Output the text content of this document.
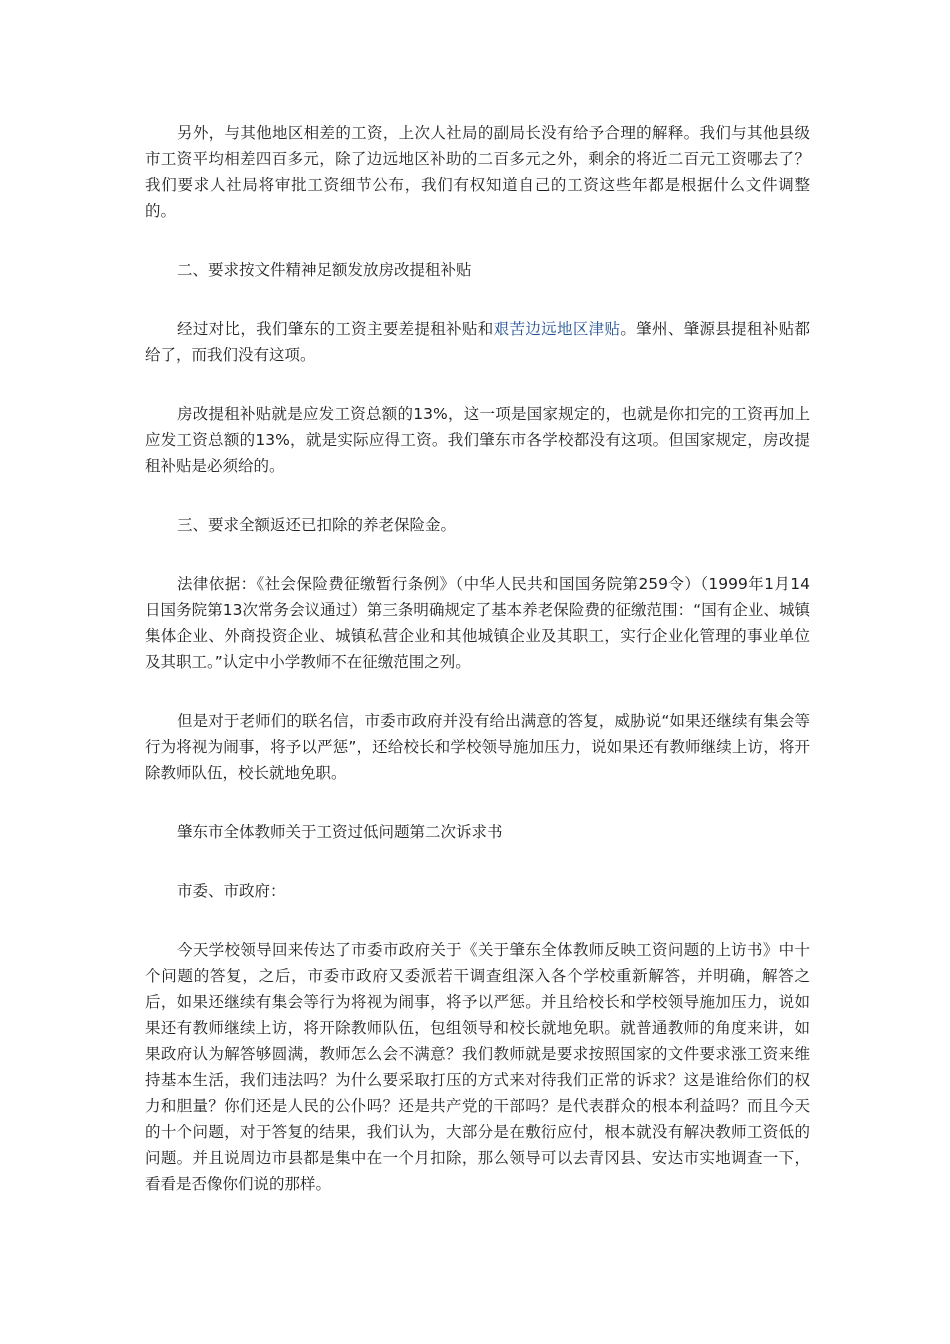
另外，与其他地区相差的工资，上次人社局的副局长没有给予合理的解释。我们与其他县级市工资平均相差四百多元，除了边远地区补助的二百多元之外，剩余的将近二百元工资哪去了？我们要求人社局将审批工资细节公布，我们有权知道自己的工资这些年都是根据什么文件调整的。

二、要求按文件精神足额发放房改提租补贴

经过对比，我们肇东的工资主要差提租补贴和艰苦边远地区津贴。肇州、肇源县提租补贴都给了，而我们没有这项。

房改提租补贴就是应发工资总额的13%，这一项是国家规定的，也就是你扣完的工资再加上应发工资总额的13%，就是实际应得工资。我们肇东市各学校都没有这项。但国家规定，房改提租补贴是必须给的。

三、要求全额返还已扣除的养老保险金。

法律依据：《社会保险费征缴暂行条例》（中华人民共和国国务院第259令）（1999年1月14日国务院第13次常务会议通过）第三条明确规定了基本养老保险费的征缴范围：“国有企业、城镇集体企业、外商投资企业、城镇私营企业和其他城镇企业及其职工，实行企业化管理的事业单位及其职工。”认定中小学教师不在征缴范围之列。

但是对于老师们的联名信，市委市政府并没有给出满意的答复，威胁说“如果还继续有集会等行为将视为闹事，将予以严惩”，还给校长和学校领导施加压力，说如果还有教师继续上访，将开除教师队伍，校长就地免职。

肇东市全体教师关于工资过低问题第二次诉求书

市委、市政府：

今天学校领导回来传达了市委市政府关于《关于肇东全体教师反映工资问题的上访书》中十个问题的答复，之后，市委市政府又委派若干调查组深入各个学校重新解答，并明确，解答之后，如果还继续有集会等行为将视为闹事，将予以严惩。并且给校长和学校领导施加压力，说如果还有教师继续上访，将开除教师队伍，包组领导和校长就地免职。就普通教师的角度来讲，如果政府认为解答够圆满，教师怎么会不满意？我们教师就是要求按照国家的文件要求涨工资来维持基本生活，我们违法吗？为什么要采取打压的方式来对待我们正常的诉求？这是谁给你们的权力和胆量？你们还是人民的公仆吗？还是共产党的干部吗？是代表群众的根本利益吗？而且今天的十个问题，对于答复的结果，我们认为，大部分是在敷衍应付，根本就没有解决教师工资低的问题。并且说周边市县都是集中在一个月扣除，那么领导可以去青冈县、安达市实地调查一下，看看是否像你们说的那样。
